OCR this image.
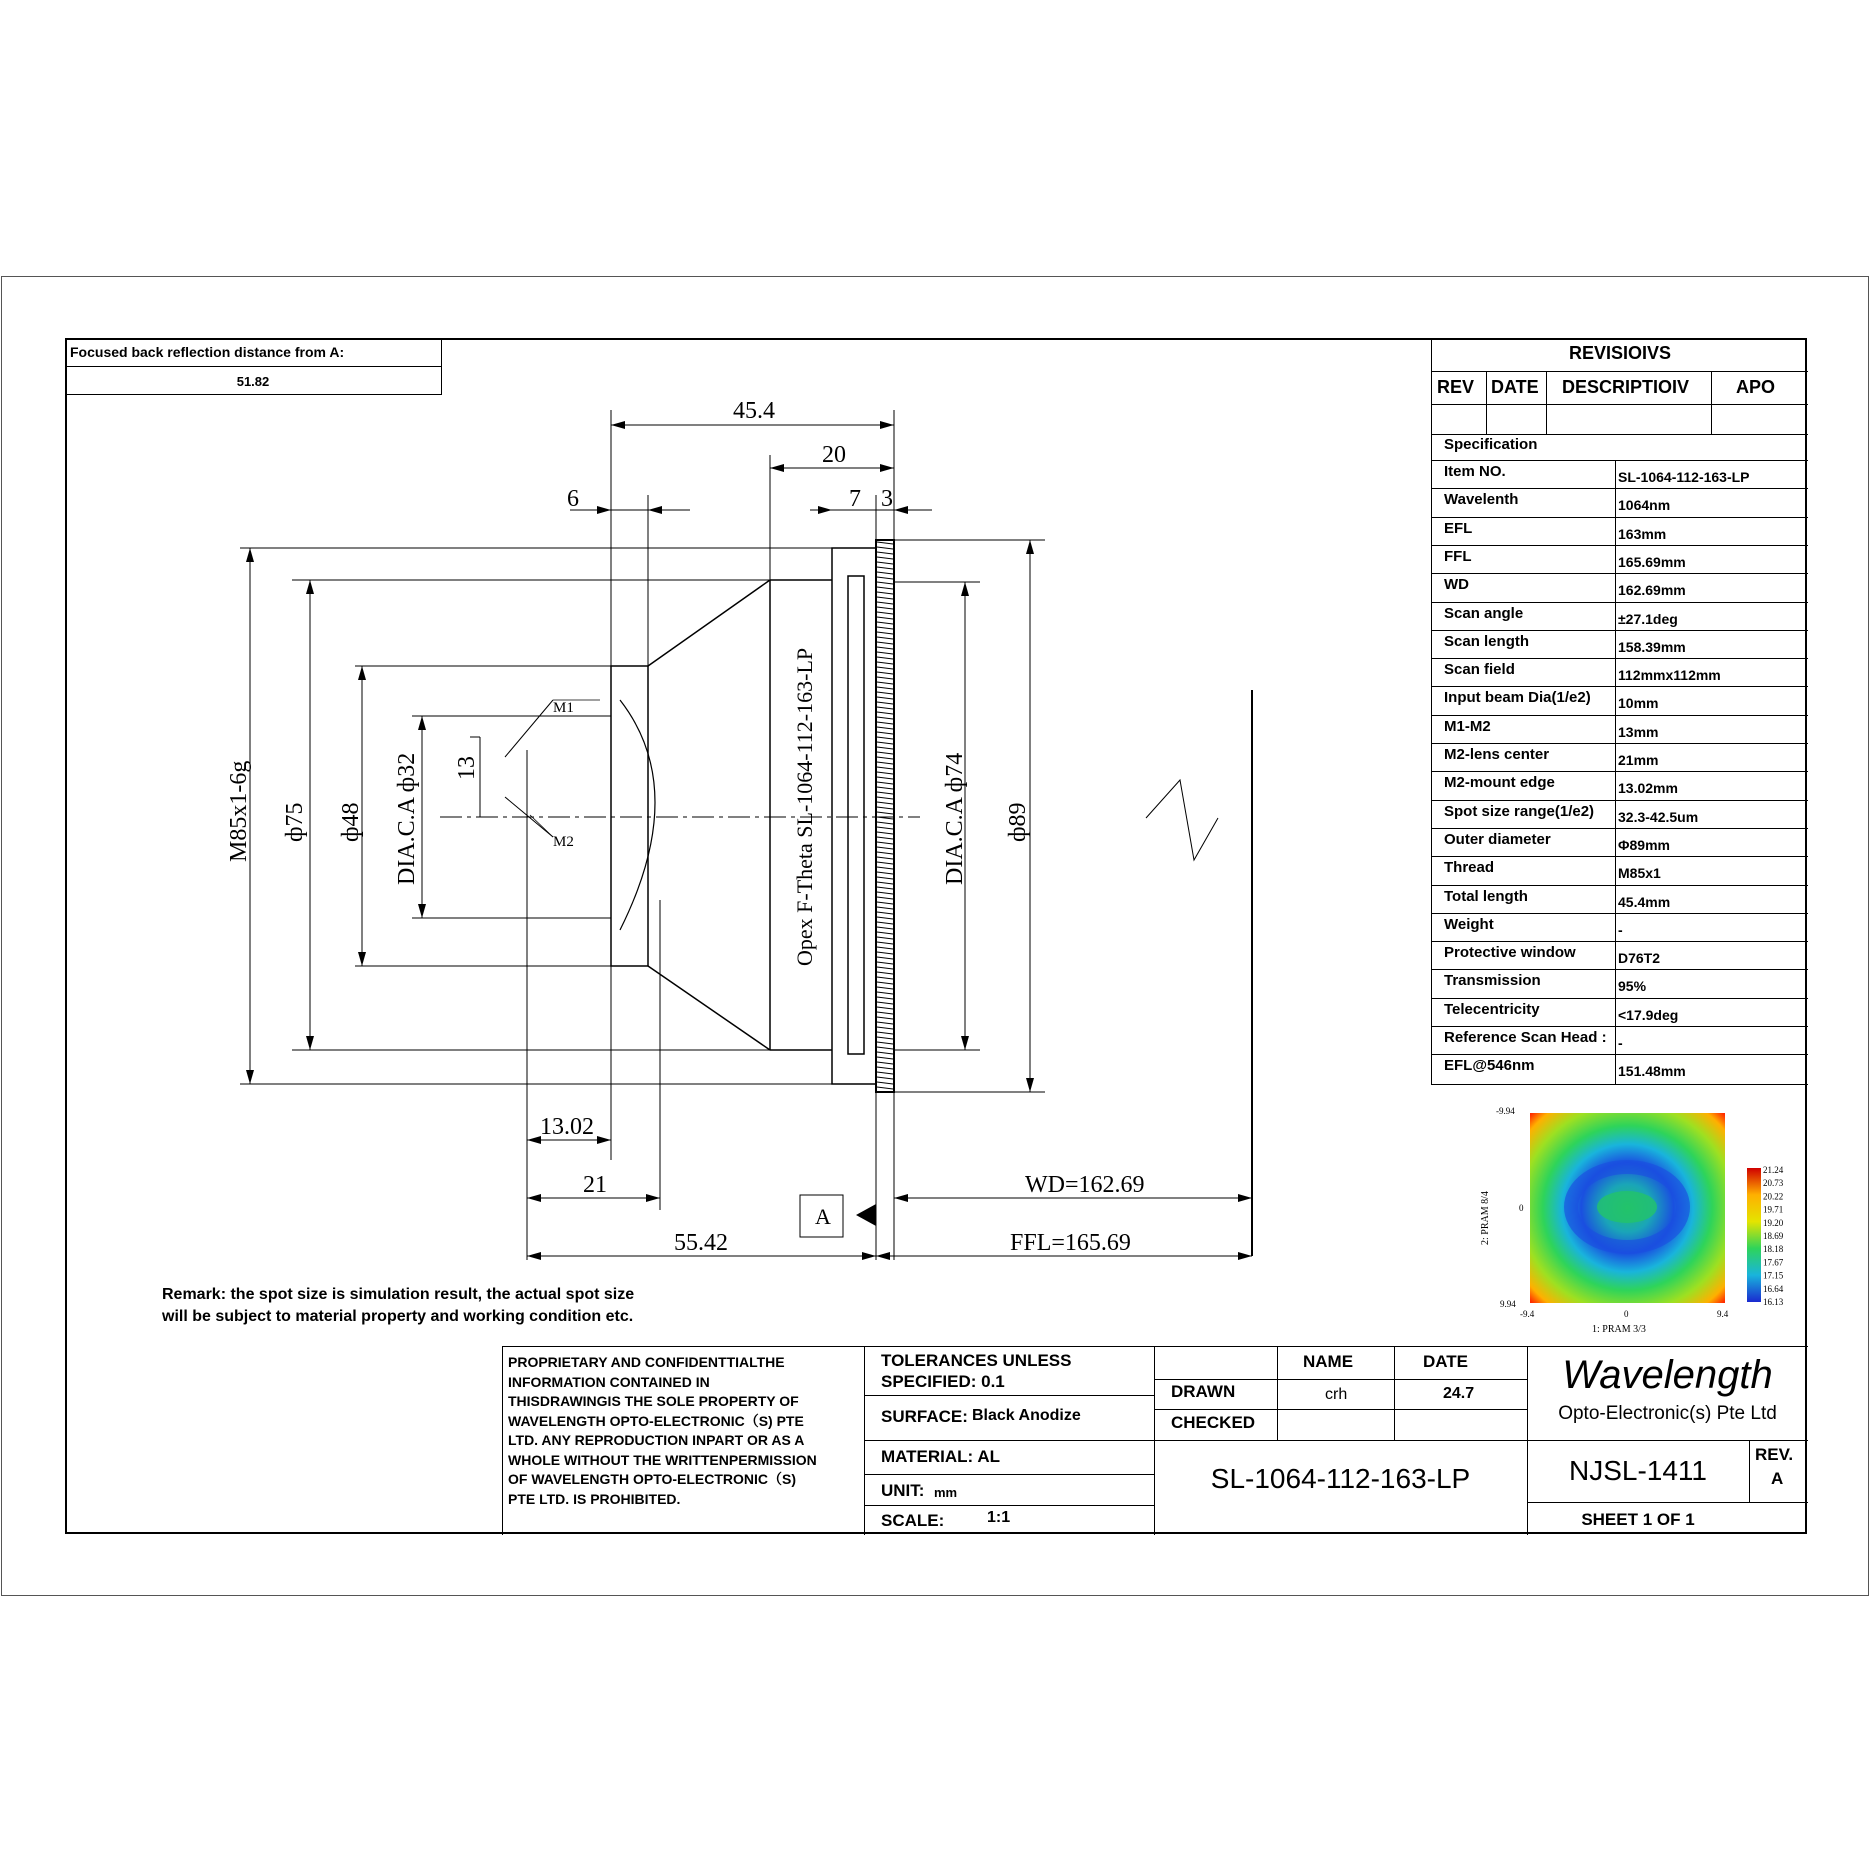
Focused back reflection distance from A:
51.82
REVISIOIVS
REV DATE DESCRIPTIOIV	APO
Specification
Item NO.	SL-1064-112-163-LP
Wavelenth	1064nm
EFL	163mm
FFL	165.69mm
WD	162.69mm
Scan angle	±27.1deg
Scan length	158.39mm
Scan field	112mmx112mm
Input beam Dia(1/e2) 10mm
M1-M2	13mm
M2-lens center	21mm
M2-mount edge	13.02mm
Spot size range(1/e2) 32.3-42.5um
Outer diameter	Φ89mm
Thread	M85x1
Total length	45.4mm
Weight	-
Protective window	D76T2
Transmission	95%
Telecentricity	<17.9deg
Reference Scan Head : -
EFL@546nm	151.48mm
21.24
20.73
20.22
19.71
19.20
18.69
18.18
17.67
17.15
16.64
16.13
-9.94
0
9.94
-9.4	0	9.4
1: PRAM 3/3
2: PRAM 8/4
M1
M2
45.4
20
6	7 3
M85x1-6g ф75 ф48 DIA.C.A ф32 13	Opex F-Theta SL-1064-112-163-LP	DIA.C.A ф74 ф89
13.02
21
55.42
WD=162.69
FFL=165.69
A
Remark: the spot size is simulation result, the actual spot size
will be subject to material property and working condition etc.
PROPRIETARY AND CONFIDENTTIALTHE
INFORMATION CONTAINED IN
THISDRAWINGIS THE SOLE PROPERTY OF
WAVELENGTH OPTO-ELECTRONIC（S) PTE
LTD. ANY REPRODUCTION INPART OR AS A
WHOLE WITHOUT THE WRITTENPERMISSION
OF WAVELENGTH OPTO-ELECTRONIC（S)
PTE LTD. IS PROHIBITED.
TOLERANCES UNLESS
SPECIFIED: 0.1
SURFACE: Black Anodize
MATERIAL: AL
UNIT: mm
SCALE:	1:1
NAME	DATE
DRAWN	crh	24.7
CHECKED
SL-1064-112-163-LP
Wavelength
Opto-Electronic(s) Pte Ltd
NJSL-1411
REV.
A
SHEET 1 OF 1
